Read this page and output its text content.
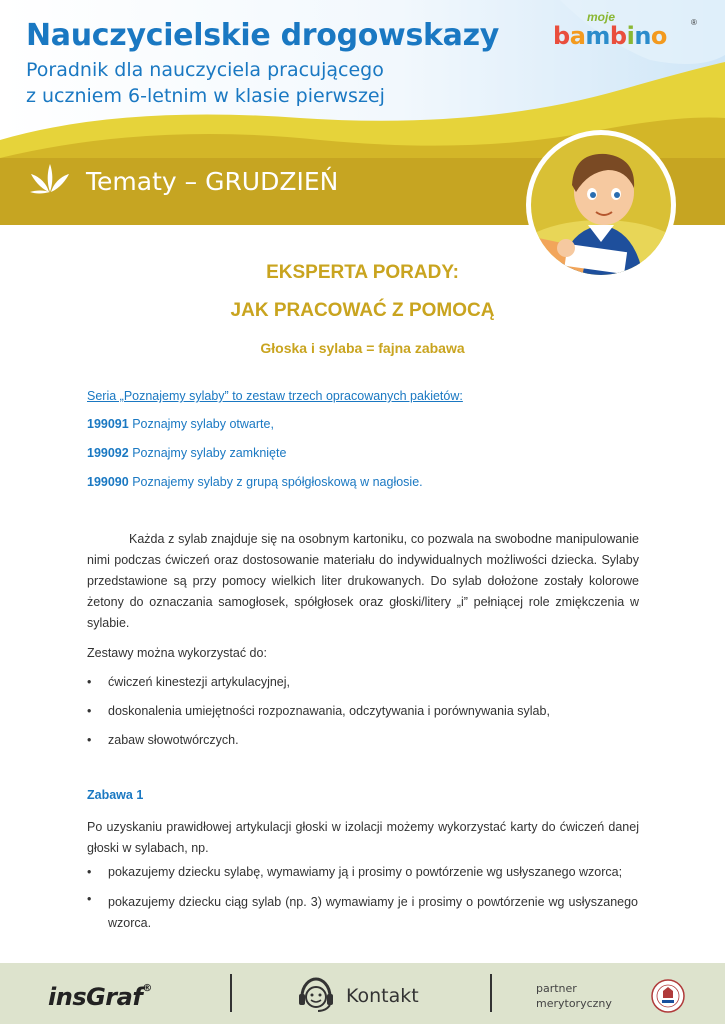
Nauczycielskie drogowskazy
Poradnik dla nauczyciela pracującego
z uczniem 6-letnim w klasie pierwszej
moje
bambino	®
Tematy – GRUDZIEŃ
EKSPERTA PORADY:
JAK PRACOWAĆ Z POMOCĄ
Głoska i sylaba = fajna zabawa
Seria „Poznajemy sylaby” to zestaw trzech opracowanych pakietów:
199091 Poznajmy sylaby otwarte,
199092 Poznajmy sylaby zamknięte
199090 Poznajemy sylaby z grupą spółgłoskową w nagłosie.
Każda z sylab znajduje się na osobnym kartoniku, co pozwala na swobodne manipulowanie nimi podczas ćwiczeń oraz dostosowanie materiału do indywidualnych możliwości dziecka. Sylaby przedstawione są przy pomocy wielkich liter drukowanych. Do sylab dołożone zostały kolorowe żetony do oznaczania samogłosek, spółgłosek oraz głoski/litery „i” pełniącej role zmiękczenia w sylabie.
Zestawy można wykorzystać do:
• ćwiczeń kinestezji artykulacyjnej,
• doskonalenia umiejętności rozpoznawania, odczytywania i porównywania sylab,
• zabaw słowotwórczych.
Zabawa 1
Po uzyskaniu prawidłowej artykulacji głoski w izolacji możemy wykorzystać karty do ćwiczeń danej głoski w sylabach, np.
• pokazujemy dziecku sylabę, wymawiamy ją i prosimy o powtórzenie wg usłyszanego wzorca;
• pokazujemy dziecku ciąg sylab (np. 3) wymawiamy je i prosimy o powtórzenie wg usłyszanego wzorca.
insGraf®	Kontakt	partner
merytoryczny
